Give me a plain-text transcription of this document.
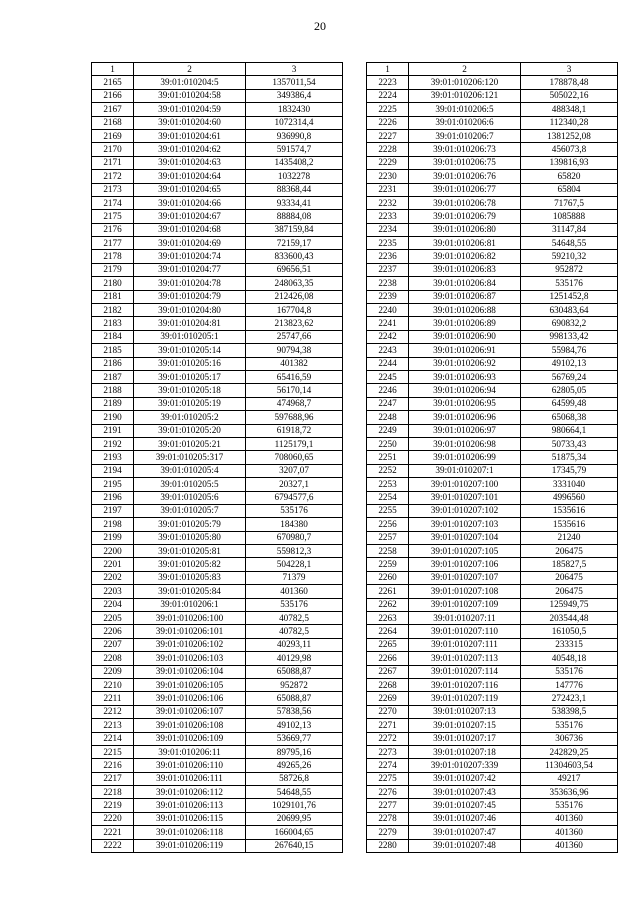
20
1	2	3
2165	39:01:010204:5	1357011,54
2166	39:01:010204:58	349386,4
2167	39:01:010204:59	1832430
2168	39:01:010204:60	1072314,4
2169	39:01:010204:61	936990,8
2170	39:01:010204:62	591574,7
2171	39:01:010204:63	1435408,2
2172	39:01:010204:64	1032278
2173	39:01:010204:65	88368,44
2174	39:01:010204:66	93334,41
2175	39:01:010204:67	88884,08
2176	39:01:010204:68	387159,84
2177	39:01:010204:69	72159,17
2178	39:01:010204:74	833600,43
2179	39:01:010204:77	69656,51
2180	39:01:010204:78	248063,35
2181	39:01:010204:79	212426,08
2182	39:01:010204:80	167704,8
2183	39:01:010204:81	213823,62
2184	39:01:010205:1	25747,66
2185	39:01:010205:14	90794,38
2186	39:01:010205:16	401382
2187	39:01:010205:17	65416,59
2188	39:01:010205:18	56170,14
2189	39:01:010205:19	474968,7
2190	39:01:010205:2	597688,96
2191	39:01:010205:20	61918,72
2192	39:01:010205:21	1125179,1
2193	39:01:010205:317	708060,65
2194	39:01:010205:4	3207,07
2195	39:01:010205:5	20327,1
2196	39:01:010205:6	6794577,6
2197	39:01:010205:7	535176
2198	39:01:010205:79	184380
2199	39:01:010205:80	670980,7
2200	39:01:010205:81	559812,3
2201	39:01:010205:82	504228,1
2202	39:01:010205:83	71379
2203	39:01:010205:84	401360
2204	39:01:010206:1	535176
2205	39:01:010206:100	40782,5
2206	39:01:010206:101	40782,5
2207	39:01:010206:102	40293,11
2208	39:01:010206:103	40129,98
2209	39:01:010206:104	65088,87
2210	39:01:010206:105	952872
2211	39:01:010206:106	65088,87
2212	39:01:010206:107	57838,56
2213	39:01:010206:108	49102,13
2214	39:01:010206:109	53669,77
2215	39:01:010206:11	89795,16
2216	39:01:010206:110	49265,26
2217	39:01:010206:111	58726,8
2218	39:01:010206:112	54648,55
2219	39:01:010206:113	1029101,76
2220	39:01:010206:115	20699,95
2221	39:01:010206:118	166004,65
2222	39:01:010206:119	267640,15
1	2	3
2223	39:01:010206:120	178878,48
2224	39:01:010206:121	505022,16
2225	39:01:010206:5	488348,1
2226	39:01:010206:6	112340,28
2227	39:01:010206:7	1381252,08
2228	39:01:010206:73	456073,8
2229	39:01:010206:75	139816,93
2230	39:01:010206:76	65820
2231	39:01:010206:77	65804
2232	39:01:010206:78	71767,5
2233	39:01:010206:79	1085888
2234	39:01:010206:80	31147,84
2235	39:01:010206:81	54648,55
2236	39:01:010206:82	59210,32
2237	39:01:010206:83	952872
2238	39:01:010206:84	535176
2239	39:01:010206:87	1251452,8
2240	39:01:010206:88	630483,64
2241	39:01:010206:89	690832,2
2242	39:01:010206:90	998133,42
2243	39:01:010206:91	55984,76
2244	39:01:010206:92	49102,13
2245	39:01:010206:93	56769,24
2246	39:01:010206:94	62805,05
2247	39:01:010206:95	64599,48
2248	39:01:010206:96	65068,38
2249	39:01:010206:97	980664,1
2250	39:01:010206:98	50733,43
2251	39:01:010206:99	51875,34
2252	39:01:010207:1	17345,79
2253	39:01:010207:100	3331040
2254	39:01:010207:101	4996560
2255	39:01:010207:102	1535616
2256	39:01:010207:103	1535616
2257	39:01:010207:104	21240
2258	39:01:010207:105	206475
2259	39:01:010207:106	185827,5
2260	39:01:010207:107	206475
2261	39:01:010207:108	206475
2262	39:01:010207:109	125949,75
2263	39:01:010207:11	203544,48
2264	39:01:010207:110	161050,5
2265	39:01:010207:111	233315
2266	39:01:010207:113	40548,18
2267	39:01:010207:114	535176
2268	39:01:010207:116	147776
2269	39:01:010207:119	272423,1
2270	39:01:010207:13	538398,5
2271	39:01:010207:15	535176
2272	39:01:010207:17	306736
2273	39:01:010207:18	242829,25
2274	39:01:010207:339	11304603,54
2275	39:01:010207:42	49217
2276	39:01:010207:43	353636,96
2277	39:01:010207:45	535176
2278	39:01:010207:46	401360
2279	39:01:010207:47	401360
2280	39:01:010207:48	401360
